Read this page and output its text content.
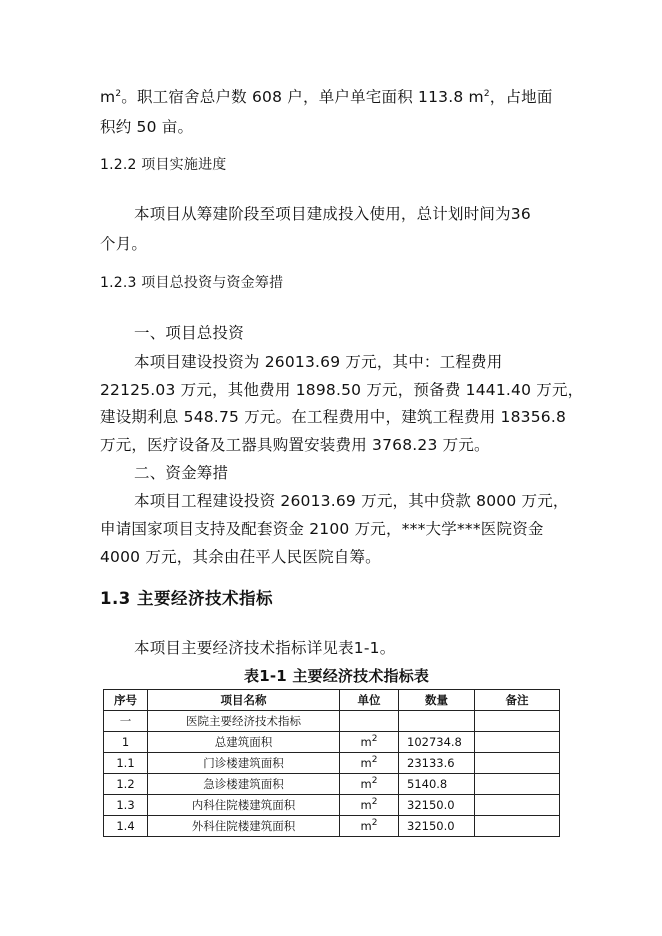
$m^2$。职工宿舍总户数 608 户，单户单宅面积 113.8 $m^2$，占地面
积约 50 亩。
1.2.2 项目实施进度
本项目从筹建阶段至项目建成投入使用，总计划时间为36
个月。
1.2.3 项目总投资与资金筹措
一、项目总投资
本项目建设投资为 26013.69 万元，其中：工程费用
22125.03 万元，其他费用 1898.50 万元，预备费 1441.40 万元，
建设期利息 548.75 万元。在工程费用中，建筑工程费用 18356.8
万元，医疗设备及工器具购置安装费用 3768.23 万元。
二、资金筹措
本项目工程建设投资 26013.69 万元，其中贷款 8000 万元，
申请国家项目支持及配套资金 2100 万元，***大学***医院资金
4000 万元，其余由茌平人民医院自筹。
1.3 主要经济技术指标
本项目主要经济技术指标详见表1-1。
表1-1 主要经济技术指标表
序号	项目名称	单位	数量	备注
一	医院主要经济技术指标			
1	总建筑面积	$m^2$	102734.8	
1.1	门诊楼建筑面积	$m^2$	23133.6	
1.2	急诊楼建筑面积	$m^2$	5140.8	
1.3	内科住院楼建筑面积	$m^2$	32150.0	
1.4	外科住院楼建筑面积	$m^2$	32150.0	
